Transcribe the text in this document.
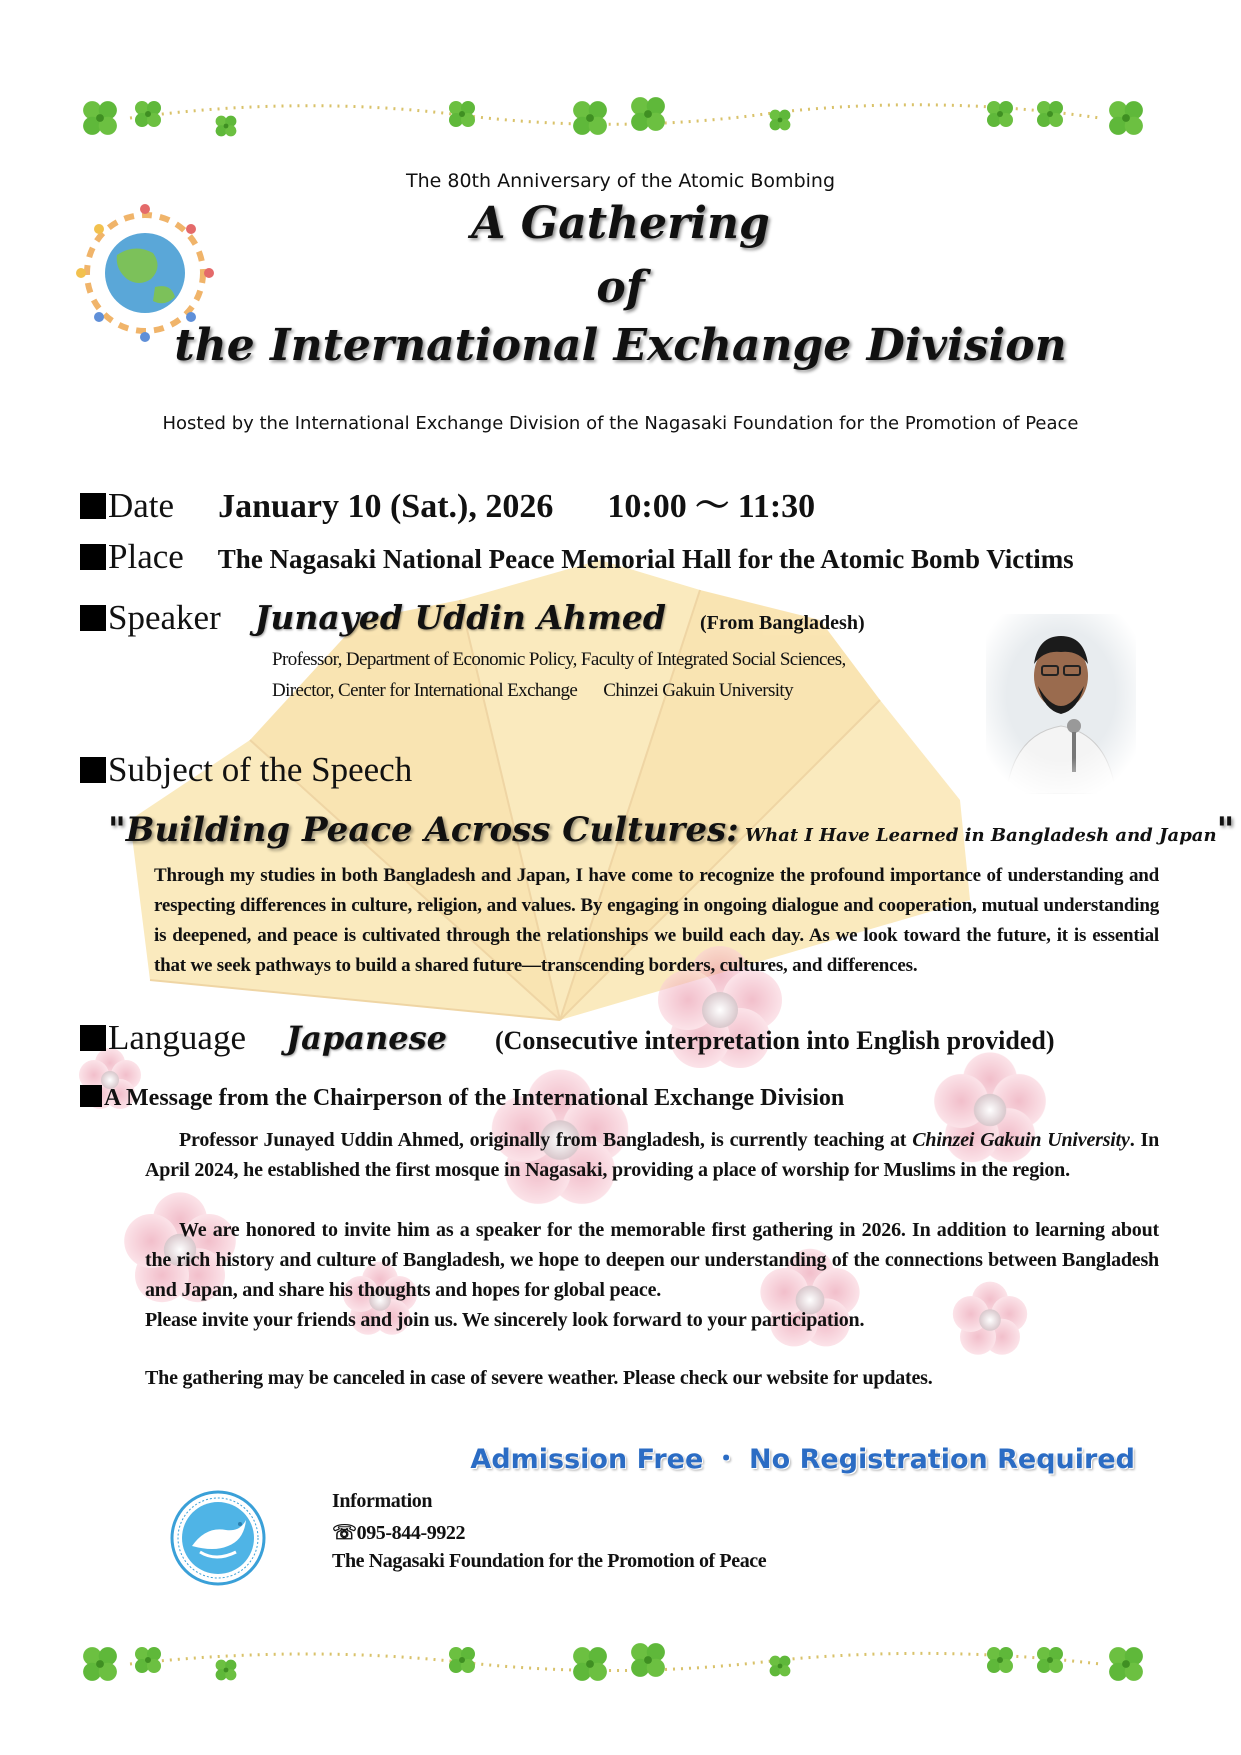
The 80th Anniversary of the Atomic Bombing
A Gathering
of
the International Exchange Division
Hosted by the International Exchange Division of the Nagasaki Foundation for the Promotion of Peace
Date January 10 (Sat.), 2026 10:00 ～ 11:30
Place The Nagasaki National Peace Memorial Hall for the Atomic Bomb Victims
Speaker Junayed Uddin Ahmed (From Bangladesh)
Professor, Department of Economic Policy, Faculty of Integrated Social Sciences,
Director, Center for International Exchange Chinzei Gakuin University
Subject of the Speech
"Building Peace Across Cultures: What I Have Learned in Bangladesh and Japan"
Through my studies in both Bangladesh and Japan, I have come to recognize the profound importance of understanding and respecting differences in culture, religion, and values. By engaging in ongoing dialogue and cooperation, mutual understanding is deepened, and peace is cultivated through the relationships we build each day. As we look toward the future, it is essential that we seek pathways to build a shared future—transcending borders, cultures, and differences.
Language Japanese (Consecutive interpretation into English provided)
A Message from the Chairperson of the International Exchange Division
Professor Junayed Uddin Ahmed, originally from Bangladesh, is currently teaching at Chinzei Gakuin University. In April 2024, he established the first mosque in Nagasaki, providing a place of worship for Muslims in the region.
We are honored to invite him as a speaker for the memorable first gathering in 2026. In addition to learning about the rich history and culture of Bangladesh, we hope to deepen our understanding of the connections between Bangladesh and Japan, and share his thoughts and hopes for global peace.
Please invite your friends and join us. We sincerely look forward to your participation.
The gathering may be canceled in case of severe weather. Please check our website for updates.
Admission Free ・ No Registration Required
Information
☏095-844-9922
The Nagasaki Foundation for the Promotion of Peace
